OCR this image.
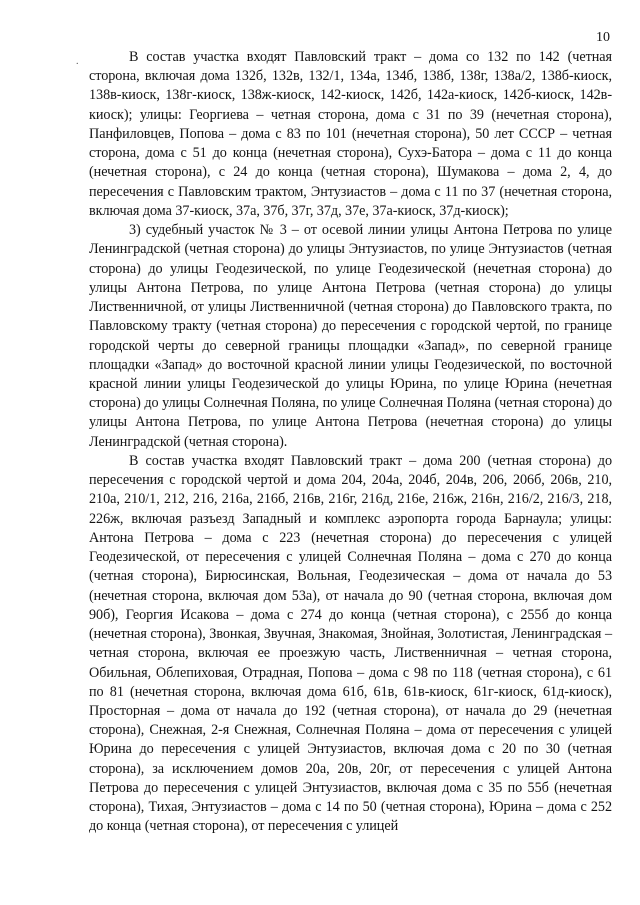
10
.	В состав участка входят Павловский тракт – дома со 132 по 142 (четная сторона, включая дома 132б, 132в, 132/1, 134а, 134б, 138б, 138г, 138а/2, 138б-киоск, 138в-киоск, 138г-киоск, 138ж-киоск, 142-киоск, 142б, 142а-киоск, 142б-киоск, 142в-киоск); улицы: Георгиева – четная сторона, дома с 31 по 39 (нечетная сторона), Панфиловцев, Попова – дома с 83 по 101 (нечетная сторона), 50 лет СССР – четная сторона, дома с 51 до конца (нечетная сторона), Сухэ-Батора – дома с 11 до конца (нечетная сторона), с 24 до конца (четная сторона), Шумакова – дома 2, 4, до пересечения с Павловским трактом, Энтузиастов – дома с 11 по 37 (нечетная сторона, включая дома 37-киоск, 37а, 37б, 37г, 37д, 37е, 37а-киоск, 37д-киоск);

3) судебный участок № 3 – от осевой линии улицы Антона Петрова по улице Ленинградской (четная сторона) до улицы Энтузиастов, по улице Энтузиастов (четная сторона) до улицы Геодезической, по улице Геодезической (нечетная сторона) до улицы Антона Петрова, по улице Антона Петрова (четная сторона) до улицы Лиственничной, от улицы Лиственничной (четная сторона) до Павловского тракта, по Павловскому тракту (четная сторона) до пересечения с городской чертой, по границе городской черты до северной границы площадки «Запад», по северной границе площадки «Запад» до восточной красной линии улицы Геодезической, по восточной красной линии улицы Геодезической до улицы Юрина, по улице Юрина (нечетная сторона) до улицы Солнечная Поляна, по улице Солнечная Поляна (четная сторона) до улицы Антона Петрова, по улице Антона Петрова (нечетная сторона) до улицы Ленинградской (четная сторона).

В состав участка входят Павловский тракт – дома 200 (четная сторона) до пересечения с городской чертой и дома 204, 204а, 204б, 204в, 206, 206б, 206в, 210, 210а, 210/1, 212, 216, 216а, 216б, 216в, 216г, 216д, 216е, 216ж, 216н, 216/2, 216/3, 218, 226ж, включая разъезд Западный и комплекс аэропорта города Барнаула; улицы: Антона Петрова – дома с 223 (нечетная сторона) до пересечения с улицей Геодезической, от пересечения с улицей Солнечная Поляна – дома с 270 до конца (четная сторона), Бирюсинская, Вольная, Геодезическая – дома от начала до 53 (нечетная сторона, включая дом 53а), от начала до 90 (четная сторона, включая дом 90б), Георгия Исакова – дома с 274 до конца (четная сторона), с 255б до конца (нечетная сторона), Звонкая, Звучная, Знакомая, Знойная, Золотистая, Ленинградская – четная сторона, включая ее проезжую часть, Лиственничная – четная сторона, Обильная, Облепиховая, Отрадная, Попова – дома с 98 по 118 (четная сторона), с 61 по 81 (нечетная сторона, включая дома 61б, 61в, 61в-киоск, 61г-киоск, 61д-киоск), Просторная – дома от начала до 192 (четная сторона), от начала до 29 (нечетная сторона), Снежная, 2-я Снежная, Солнечная Поляна – дома от пересечения с улицей Юрина до пересечения с улицей Энтузиастов, включая дома с 20 по 30 (четная сторона), за исключением домов 20а, 20в, 20г, от пересечения с улицей Антона Петрова до пересечения с улицей Энтузиастов, включая дома с 35 по 55б (нечетная сторона), Тихая, Энтузиастов – дома с 14 по 50 (четная сторона), Юрина – дома с 252 до конца (четная сторона), от пересечения с улицей
